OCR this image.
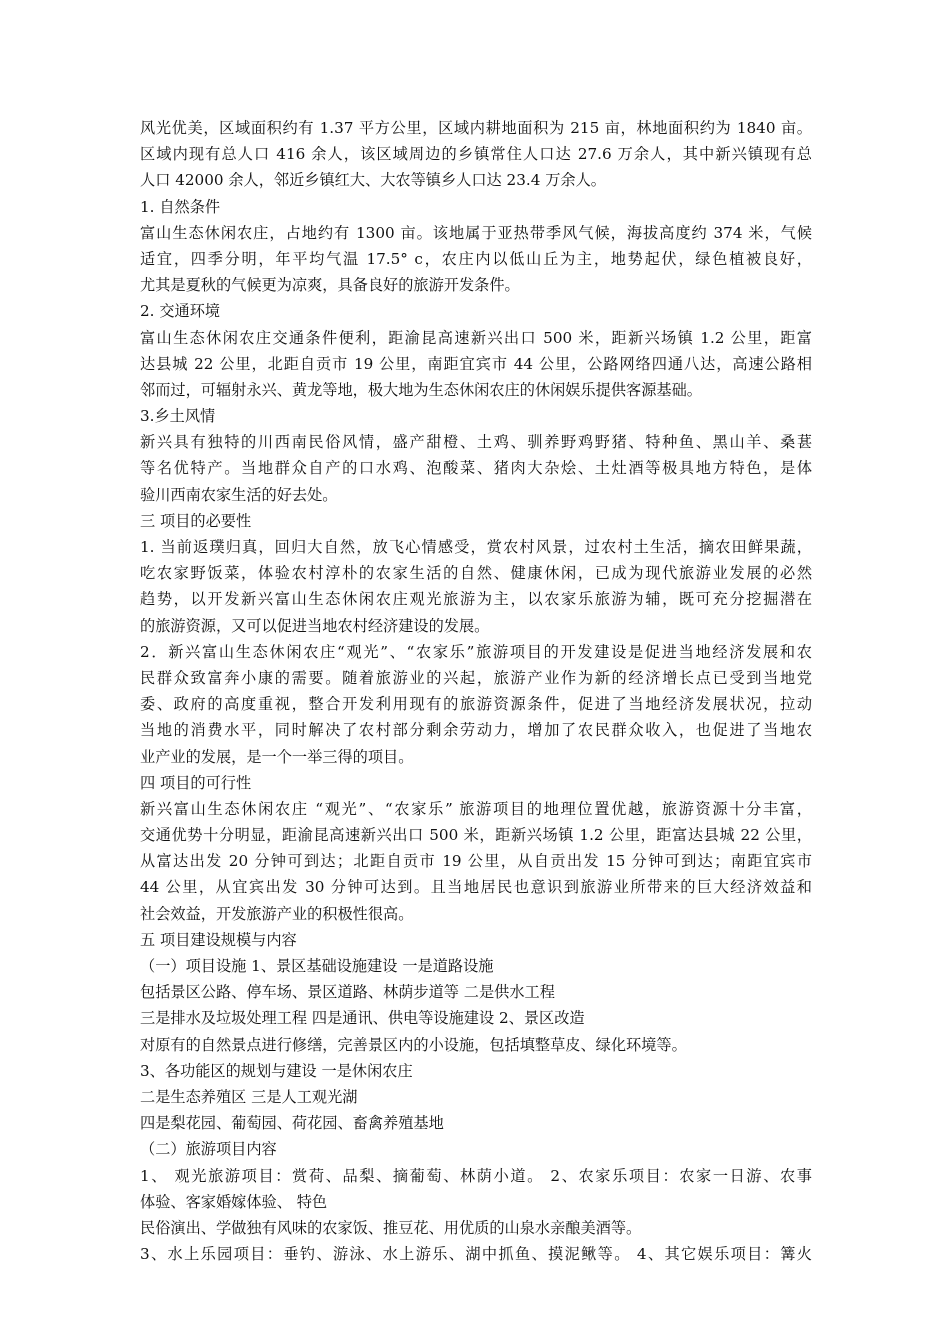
风光优美，区域面积约有 1.37 平方公里，区域内耕地面积为 215 亩，林地面积约为 1840 亩。
区域内现有总人口 416 余人，该区域周边的乡镇常住人口达 27.6 万余人，其中新兴镇现有总
人口 42000 余人，邻近乡镇红大、大农等镇乡人口达 23.4 万余人。
1. 自然条件
富山生态休闲农庄，占地约有 1300 亩。该地属于亚热带季风气候，海拔高度约 374 米，气候
适宜，四季分明，年平均气温 17.5° c，农庄内以低山丘为主，地势起伏，绿色植被良好，
尤其是夏秋的气候更为凉爽，具备良好的旅游开发条件。
2. 交通环境
富山生态休闲农庄交通条件便利，距渝昆高速新兴出口 500 米，距新兴场镇 1.2 公里，距富
达县城 22 公里，北距自贡市 19 公里，南距宜宾市 44 公里，公路网络四通八达，高速公路相
邻而过，可辐射永兴、黄龙等地，极大地为生态休闲农庄的休闲娱乐提供客源基础。
3.乡土风情
新兴具有独特的川西南民俗风情，盛产甜橙、土鸡、驯养野鸡野猪、特种鱼、黑山羊、桑葚
等名优特产。当地群众自产的口水鸡、泡酸菜、猪肉大杂烩、土灶酒等极具地方特色，是体
验川西南农家生活的好去处。
三 项目的必要性
1. 当前返璞归真，回归大自然，放飞心情感受，赏农村风景，过农村土生活，摘农田鲜果蔬，
吃农家野饭菜，体验农村淳朴的农家生活的自然、健康休闲，已成为现代旅游业发展的必然
趋势，以开发新兴富山生态休闲农庄观光旅游为主，以农家乐旅游为辅，既可充分挖掘潜在
的旅游资源，又可以促进当地农村经济建设的发展。
2．新兴富山生态休闲农庄“观光”、“农家乐”旅游项目的开发建设是促进当地经济发展和农
民群众致富奔小康的需要。随着旅游业的兴起，旅游产业作为新的经济增长点已受到当地党
委、政府的高度重视，整合开发利用现有的旅游资源条件，促进了当地经济发展状况，拉动
当地的消费水平，同时解决了农村部分剩余劳动力，增加了农民群众收入，也促进了当地农
业产业的发展，是一个一举三得的项目。
四 项目的可行性
新兴富山生态休闲农庄 “观光”、“农家乐” 旅游项目的地理位置优越，旅游资源十分丰富，
交通优势十分明显，距渝昆高速新兴出口 500 米，距新兴场镇 1.2 公里，距富达县城 22 公里，
从富达出发 20 分钟可到达；北距自贡市 19 公里，从自贡出发 15 分钟可到达；南距宜宾市
44 公里，从宜宾出发 30 分钟可达到。且当地居民也意识到旅游业所带来的巨大经济效益和
社会效益，开发旅游产业的积极性很高。
五 项目建设规模与内容
（一）项目设施 1、景区基础设施建设 一是道路设施
包括景区公路、停车场、景区道路、林荫步道等 二是供水工程
三是排水及垃圾处理工程 四是通讯、供电等设施建设 2、景区改造
对原有的自然景点进行修缮，完善景区内的小设施，包括填整草皮、绿化环境等。
3、各功能区的规划与建设 一是休闲农庄
二是生态养殖区 三是人工观光湖
四是梨花园、葡萄园、荷花园、畜禽养殖基地
（二）旅游项目内容
1、 观光旅游项目：赏荷、品梨、摘葡萄、林荫小道。 2、农家乐项目：农家一日游、农事
体验、客家婚嫁体验、 特色
民俗演出、学做独有风味的农家饭、推豆花、用优质的山泉水亲酿美酒等。
3、水上乐园项目：垂钓、游泳、水上游乐、湖中抓鱼、摸泥鳅等。 4、其它娱乐项目：篝火
